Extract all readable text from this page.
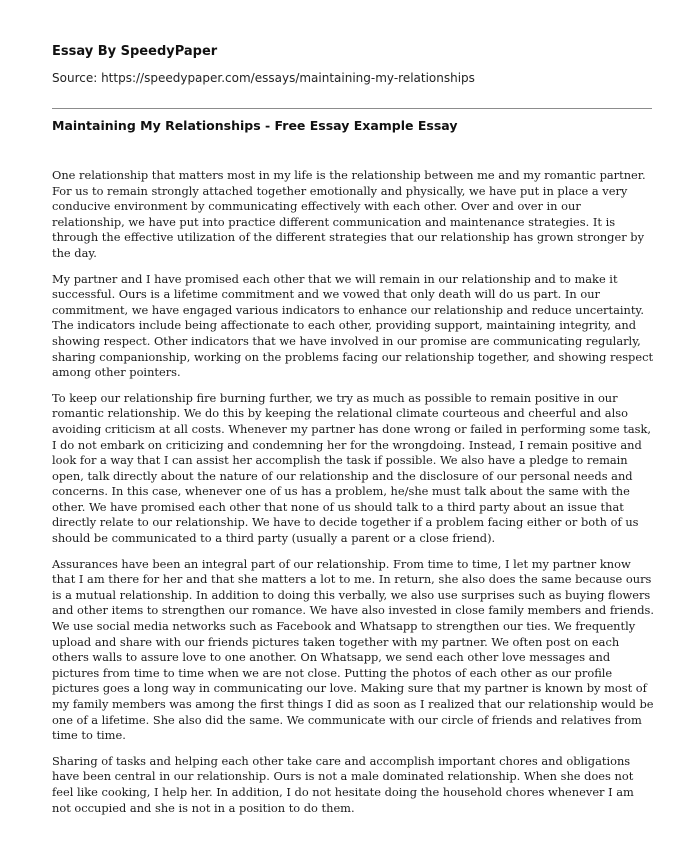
Essay By SpeedyPaper
Source: https://speedypaper.com/essays/maintaining-my-relationships
Maintaining My Relationships - Free Essay Example Essay

One relationship that matters most in my life is the relationship between me and my romantic partner. For us to remain strongly attached together emotionally and physically, we have put in place a very conducive environment by communicating effectively with each other. Over and over in our relationship, we have put into practice different communication and maintenance strategies. It is through the effective utilization of the different strategies that our relationship has grown stronger by the day.

My partner and I have promised each other that we will remain in our relationship and to make it successful. Ours is a lifetime commitment and we vowed that only death will do us part. In our commitment, we have engaged various indicators to enhance our relationship and reduce uncertainty. The indicators include being affectionate to each other, providing support, maintaining integrity, and showing respect. Other indicators that we have involved in our promise are communicating regularly, sharing companionship, working on the problems facing our relationship together, and showing respect among other pointers.

To keep our relationship fire burning further, we try as much as possible to remain positive in our romantic relationship. We do this by keeping the relational climate courteous and cheerful and also avoiding criticism at all costs. Whenever my partner has done wrong or failed in performing some task, I do not embark on criticizing and condemning her for the wrongdoing. Instead, I remain positive and look for a way that I can assist her accomplish the task if possible. We also have a pledge to remain open, talk directly about the nature of our relationship and the disclosure of our personal needs and concerns. In this case, whenever one of us has a problem, he/she must talk about the same with the other. We have promised each other that none of us should talk to a third party about an issue that directly relate to our relationship. We have to decide together if a problem facing either or both of us should be communicated to a third party (usually a parent or a close friend).

Assurances have been an integral part of our relationship. From time to time, I let my partner know that I am there for her and that she matters a lot to me. In return, she also does the same because ours is a mutual relationship. In addition to doing this verbally, we also use surprises such as buying flowers and other items to strengthen our romance. We have also invested in close family members and friends. We use social media networks such as Facebook and Whatsapp to strengthen our ties. We frequently upload and share with our friends pictures taken together with my partner. We often post on each others walls to assure love to one another. On Whatsapp, we send each other love messages and pictures from time to time when we are not close. Putting the photos of each other as our profile pictures goes a long way in communicating our love. Making sure that my partner is known by most of my family members was among the first things I did as soon as I realized that our relationship would be one of a lifetime. She also did the same. We communicate with our circle of friends and relatives from time to time.

Sharing of tasks and helping each other take care and accomplish important chores and obligations have been central in our relationship. Ours is not a male dominated relationship. When she does not feel like cooking, I help her. In addition, I do not hesitate doing the household chores whenever I am not occupied and she is not in a position to do them.
